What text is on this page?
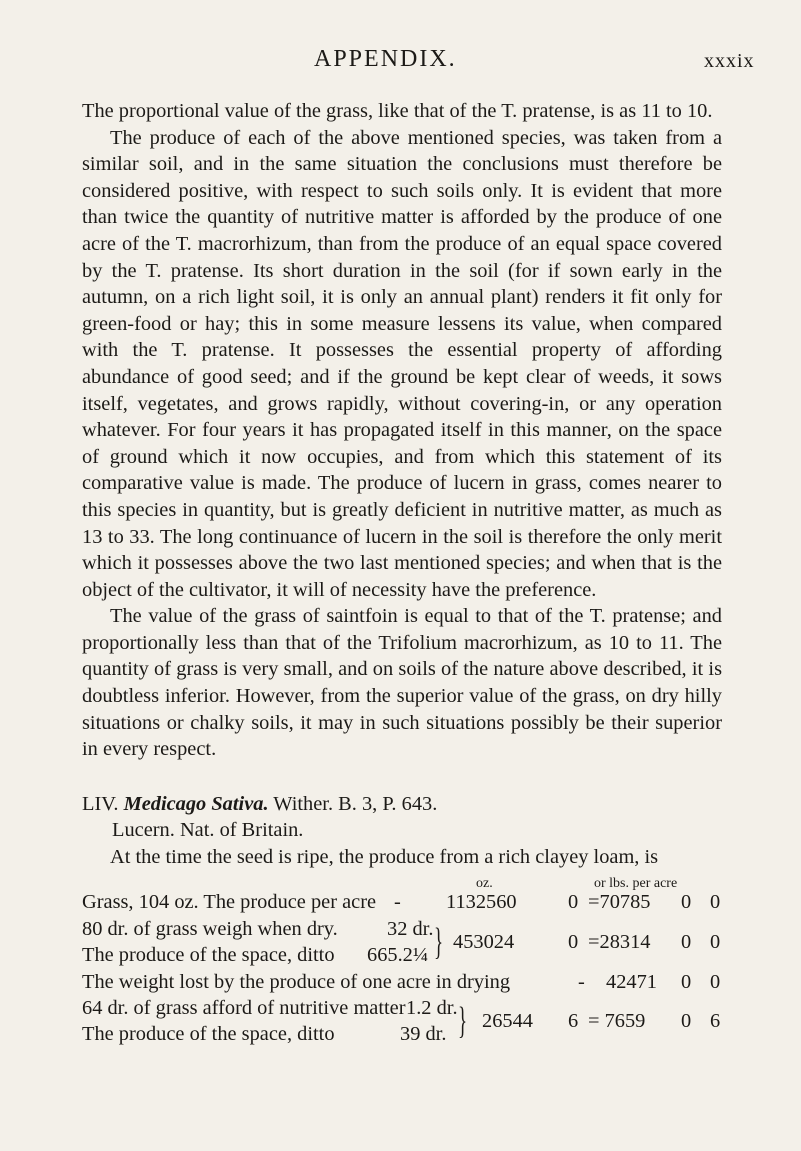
APPENDIX.	xxxix

The proportional value of the grass, like that of the T. pratense, is as 11 to 10.

The produce of each of the above mentioned species, was taken from a similar soil, and in the same situation the conclusions must therefore be considered positive, with respect to such soils only. It is evident that more than twice the quantity of nutritive matter is afforded by the produce of one acre of the T. macrorhizum, than from the produce of an equal space covered by the T. pratense. Its short duration in the soil (for if sown early in the autumn, on a rich light soil, it is only an annual plant) renders it fit only for green-food or hay; this in some measure lessens its value, when compared with the T. pratense. It possesses the essential property of affording abundance of good seed; and if the ground be kept clear of weeds, it sows itself, vegetates, and grows rapidly, without covering-in, or any operation whatever. For four years it has propagated itself in this manner, on the space of ground which it now occupies, and from which this statement of its comparative value is made. The produce of lucern in grass, comes nearer to this species in quantity, but is greatly deficient in nutritive matter, as much as 13 to 33. The long continuance of lucern in the soil is therefore the only merit which it possesses above the two last mentioned species; and when that is the object of the cultivator, it will of necessity have the preference.

The value of the grass of saintfoin is equal to that of the T. pratense; and proportionally less than that of the Trifolium macrorhizum, as 10 to 11. The quantity of grass is very small, and on soils of the nature above described, it is doubtless inferior. However, from the superior value of the grass, on dry hilly situations or chalky soils, it may in such situations possibly be their superior in every respect.

LIV. Medicago Sativa. Wither. B. 3, P. 643.

Lucern. Nat. of Britain.

At the time the seed is ripe, the produce from a rich clayey loam, is

oz.	or lbs. per acre
Grass, 104 oz. The produce per acre - 1132560	0 =70785 0 0
80 dr. of grass weigh when dry. 32 dr. }
The produce of the space, ditto 665.2¼
453024	0 =28314 0 0
The weight lost by the produce of one acre in drying	- 42471 0 0
64 dr. of grass afford of nutritive matter 1.2 dr. }
The produce of the space, ditto	39 dr.
26544 6 = 7659 0 6
